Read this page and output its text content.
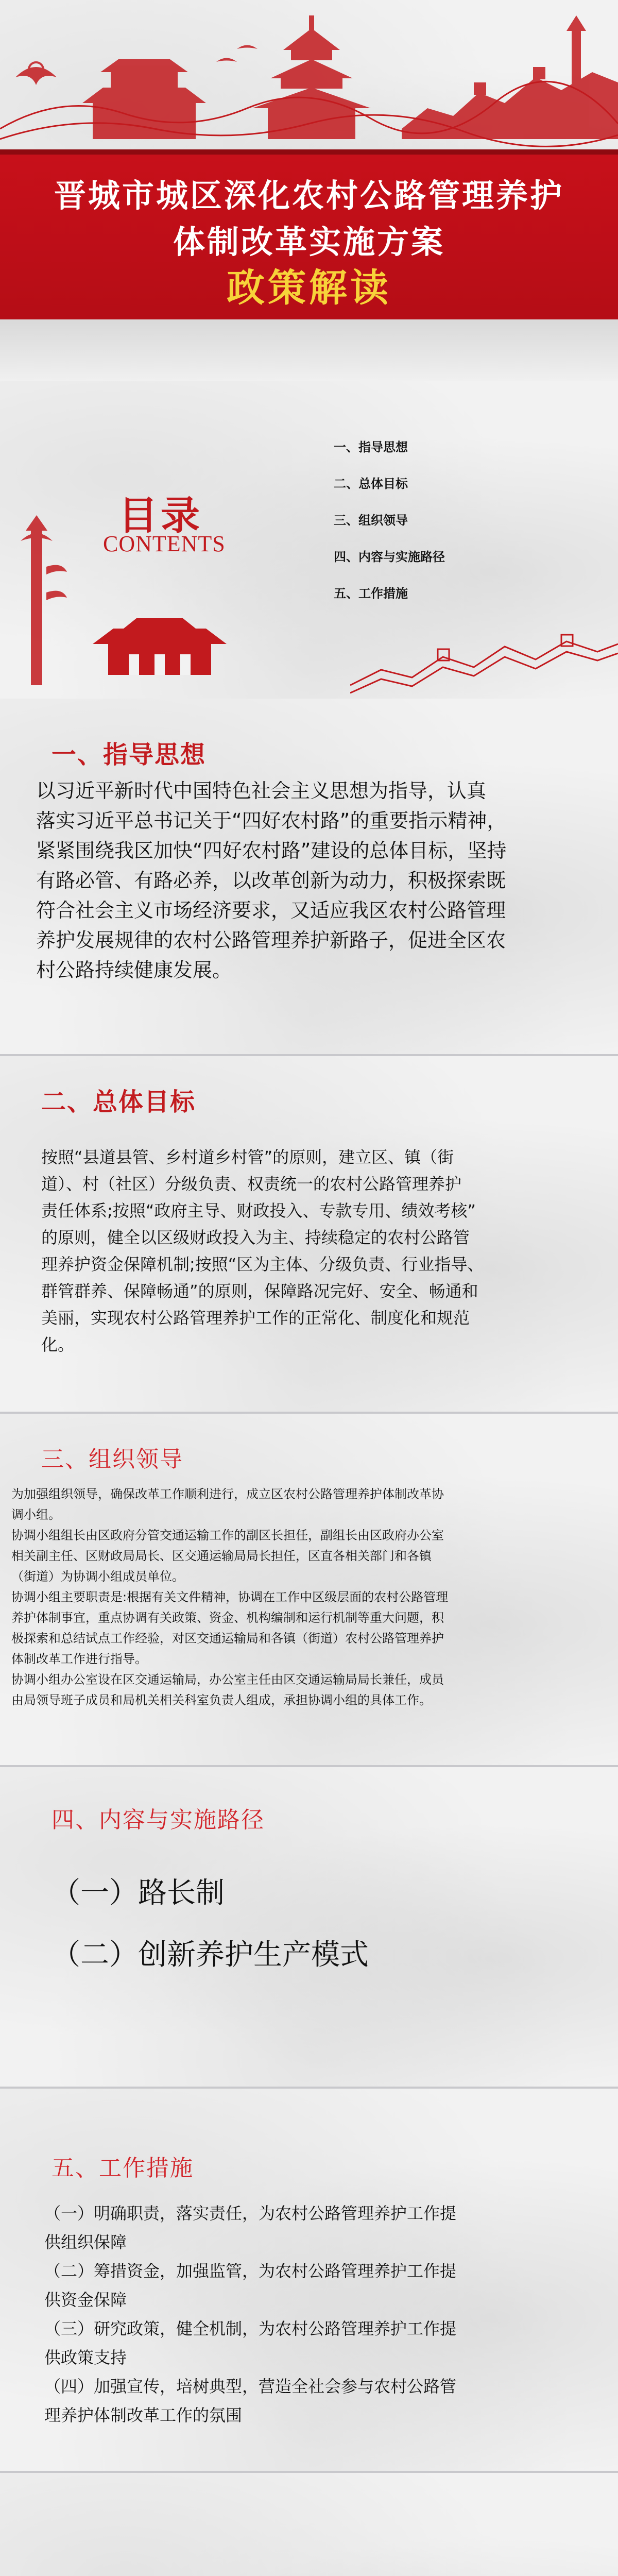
晋城市城区深化农村公路管理养护
体制改革实施方案
政策解读
目录
CONTENTS
一、指导思想
二、总体目标
三、组织领导
四、内容与实施路径
五、工作措施
一、指导思想
以习近平新时代中国特色社会主义思想为指导，认真
落实习近平总书记关于“四好农村路”的重要指示精神，
紧紧围绕我区加快“四好农村路”建设的总体目标，坚持
有路必管、有路必养，以改革创新为动力，积极探索既
符合社会主义市场经济要求，又适应我区农村公路管理
养护发展规律的农村公路管理养护新路子，促进全区农
村公路持续健康发展。
二、总体目标
按照“县道县管、乡村道乡村管”的原则，建立区、镇（街
道）、村（社区）分级负责、权责统一的农村公路管理养护
责任体系;按照“政府主导、财政投入、专款专用、绩效考核”
的原则，健全以区级财政投入为主、持续稳定的农村公路管
理养护资金保障机制;按照“区为主体、分级负责、行业指导、
群管群养、保障畅通”的原则，保障路况完好、安全、畅通和
美丽，实现农村公路管理养护工作的正常化、制度化和规范
化。
三、组织领导
为加强组织领导，确保改革工作顺利进行，成立区农村公路管理养护体制改革协
调小组。
协调小组组长由区政府分管交通运输工作的副区长担任，副组长由区政府办公室
相关副主任、区财政局局长、区交通运输局局长担任，区直各相关部门和各镇
（街道）为协调小组成员单位。
协调小组主要职责是:根据有关文件精神，协调在工作中区级层面的农村公路管理
养护体制事宜，重点协调有关政策、资金、机构编制和运行机制等重大问题，积
极探索和总结试点工作经验，对区交通运输局和各镇（街道）农村公路管理养护
体制改革工作进行指导。
协调小组办公室设在区交通运输局，办公室主任由区交通运输局局长兼任，成员
由局领导班子成员和局机关相关科室负责人组成，承担协调小组的具体工作。
四、内容与实施路径
（一）路长制
（二）创新养护生产模式
五、工作措施
（一）明确职责，落实责任，为农村公路管理养护工作提
供组织保障
（二）筹措资金，加强监管，为农村公路管理养护工作提
供资金保障
（三）研究政策，健全机制，为农村公路管理养护工作提
供政策支持
（四）加强宣传，培树典型，营造全社会参与农村公路管
理养护体制改革工作的氛围
